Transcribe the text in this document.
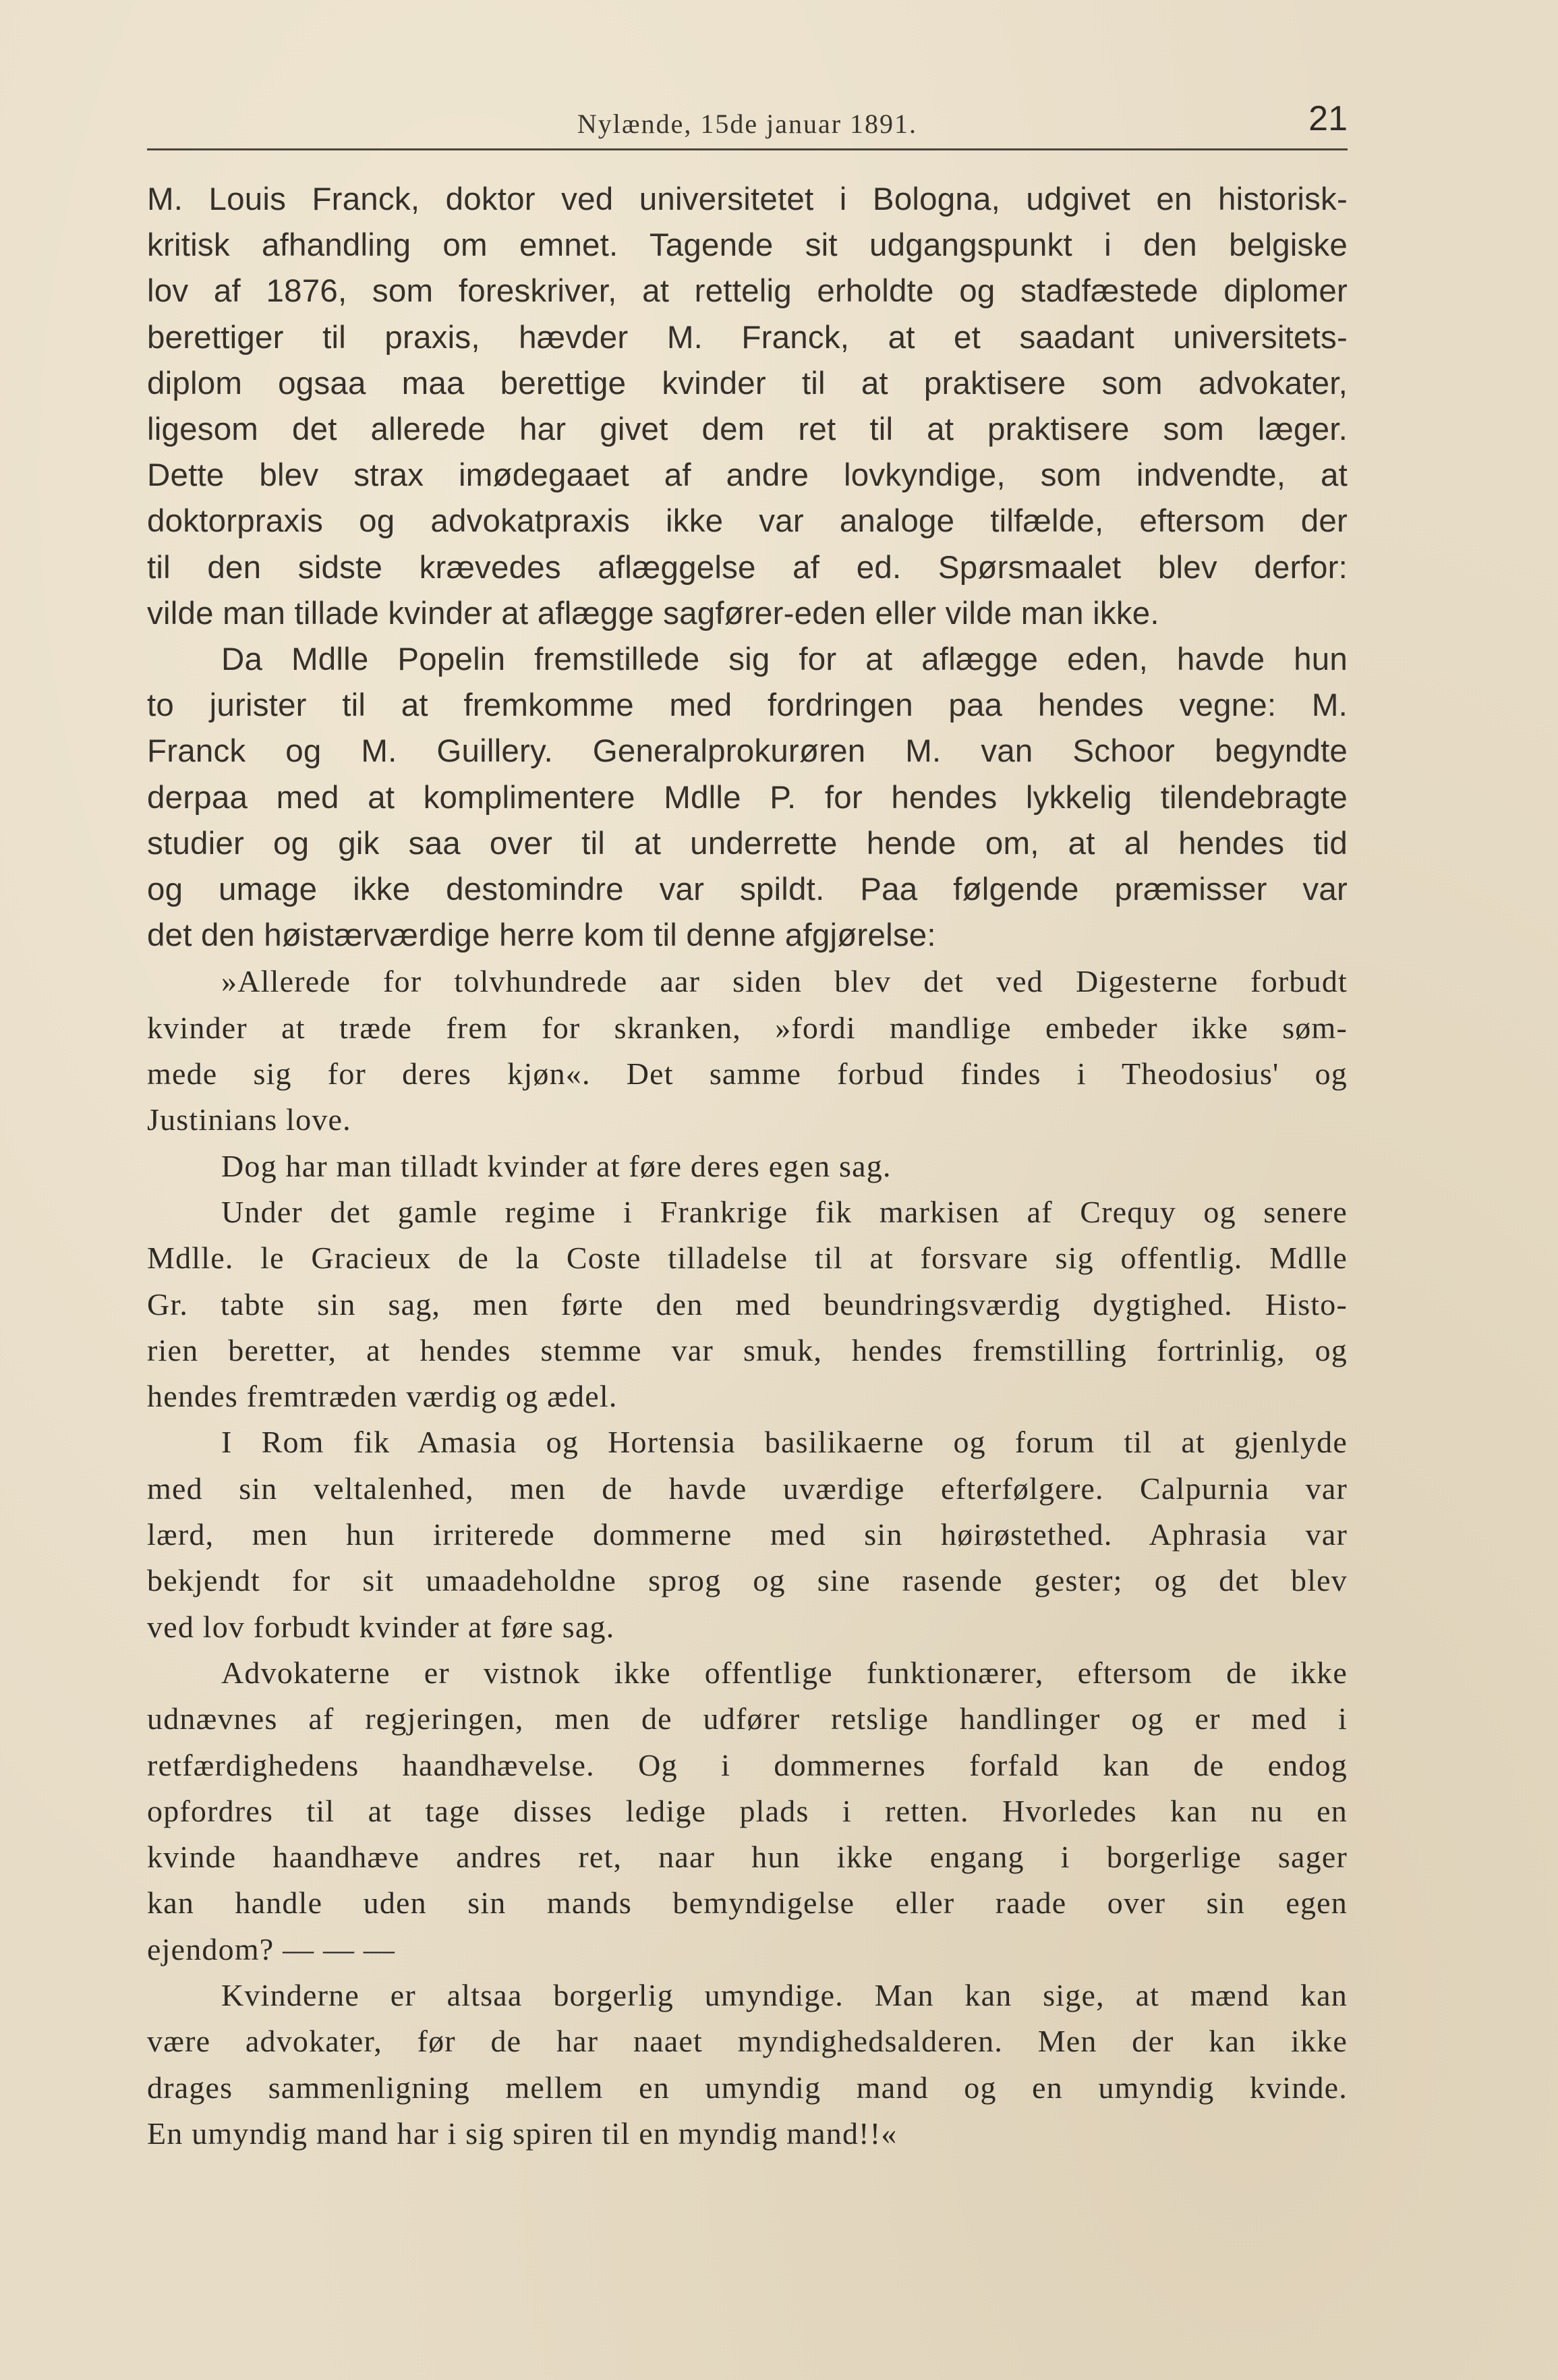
Nylænde, 15de januar 1891.	21
M. Louis Franck, doktor ved universitetet i Bologna, udgivet en historisk-
kritisk afhandling om emnet. Tagende sit udgangspunkt i den belgiske
lov af 1876, som foreskriver, at rettelig erholdte og stadfæstede diplomer
berettiger til praxis, hævder M. Franck, at et saadant universitets-
diplom ogsaa maa berettige kvinder til at praktisere som advokater,
ligesom det allerede har givet dem ret til at praktisere som læger.
Dette blev strax imødegaaet af andre lovkyndige, som indvendte, at
doktorpraxis og advokatpraxis ikke var analoge tilfælde, eftersom der
til den sidste krævedes aflæggelse af ed. Spørsmaalet blev derfor:
vilde man tillade kvinder at aflægge sagfører-eden eller vilde man ikke.
Da Mdlle Popelin fremstillede sig for at aflægge eden, havde hun
to jurister til at fremkomme med fordringen paa hendes vegne: M.
Franck og M. Guillery. Generalprokurøren M. van Schoor begyndte
derpaa med at komplimentere Mdlle P. for hendes lykkelig tilendebragte
studier og gik saa over til at underrette hende om, at al hendes tid
og umage ikke destomindre var spildt. Paa følgende præmisser var
det den høistærværdige herre kom til denne afgjørelse:
»Allerede for tolvhundrede aar siden blev det ved Digesterne forbudt
kvinder at træde frem for skranken, »fordi mandlige embeder ikke søm-
mede sig for deres kjøn«. Det samme forbud findes i Theodosius' og
Justinians love.
Dog har man tilladt kvinder at føre deres egen sag.
Under det gamle regime i Frankrige fik markisen af Crequy og senere
Mdlle. le Gracieux de la Coste tilladelse til at forsvare sig offentlig. Mdlle
Gr. tabte sin sag, men førte den med beundringsværdig dygtighed. Histo-
rien beretter, at hendes stemme var smuk, hendes fremstilling fortrinlig, og
hendes fremtræden værdig og ædel.
I Rom fik Amasia og Hortensia basilikaerne og forum til at gjenlyde
med sin veltalenhed, men de havde uværdige efterfølgere. Calpurnia var
lærd, men hun irriterede dommerne med sin høirøstethed. Aphrasia var
bekjendt for sit umaadeholdne sprog og sine rasende gester; og det blev
ved lov forbudt kvinder at føre sag.
Advokaterne er vistnok ikke offentlige funktionærer, eftersom de ikke
udnævnes af regjeringen, men de udfører retslige handlinger og er med i
retfærdighedens haandhævelse. Og i dommernes forfald kan de endog
opfordres til at tage disses ledige plads i retten. Hvorledes kan nu en
kvinde haandhæve andres ret, naar hun ikke engang i borgerlige sager
kan handle uden sin mands bemyndigelse eller raade over sin egen
ejendom? — — —
Kvinderne er altsaa borgerlig umyndige. Man kan sige, at mænd kan
være advokater, før de har naaet myndighedsalderen. Men der kan ikke
drages sammenligning mellem en umyndig mand og en umyndig kvinde.
En umyndig mand har i sig spiren til en myndig mand!!«
